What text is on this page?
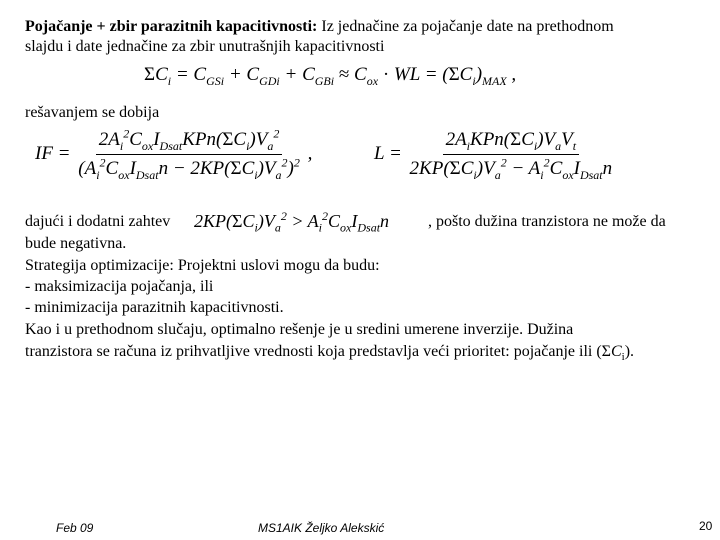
Pojačanje + zbir parazitnih kapacitivnosti: Iz jednačine za pojačanje date na prethodnom
slajdu i date jednačine za zbir unutrašnjih kapacitivnosti
$\Sigma C_i = C_{GSi} + C_{GDi} + C_{GBi} \approx C_{ox}$ · WL = $(\Sigma C_i)_{MAX}$ ,
rešavanjem se dobija
IF = $\frac{2A_i^2C_{ox}I_{Dsat}KPn(\Sigma C_i)V_a^2}{(A_i^2C_{ox}I_{Dsat}n - 2KP(\Sigma C_i)V_a^2)^2}$ ,	$L = \frac{2A_iKPn(\Sigma C_i)V_aV_t}{2KP(\Sigma C_i)V_a^2 - A_i^2C_{ox}I_{Dsat}n}$
dajući i dodatni zahtev $2KP(\Sigma C_i)V_a^2 > A_i^2C_{ox}I_{Dsat}n$ , pošto dužina tranzistora ne može da
bude negativna.
Strategija optimizacije: Projektni uslovi mogu da budu:
- maksimizacija pojačanja, ili
- minimizacija parazitnih kapacitivnosti.
Kao i u prethodnom slučaju, optimalno rešenje je u sredini umerene inverzije. Dužina
tranzistora se računa iz prihvatljive vrednosti koja predstavlja veći prioritet: pojačanje ili $(\Sigma C_i)$.
Feb 09	MS1AIK Željko Alekskić	20
